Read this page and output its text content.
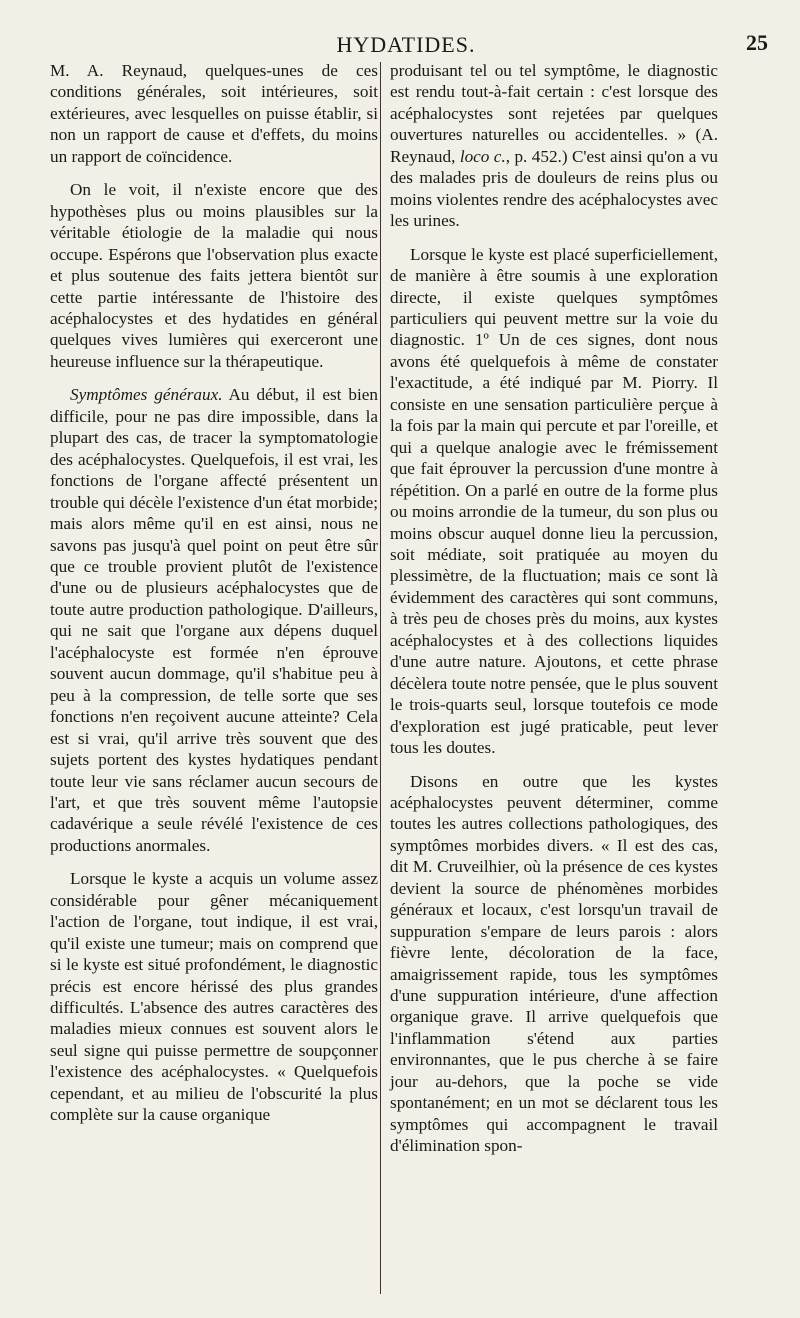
HYDATIDES.	25

M. A. Reynaud, quelques-unes de ces conditions générales, soit intérieures, soit extérieures, avec lesquelles on puisse établir, si non un rapport de cause et d'effets, du moins un rapport de coïncidence.

On le voit, il n'existe encore que des hypothèses plus ou moins plausibles sur la véritable étiologie de la maladie qui nous occupe. Espérons que l'observation plus exacte et plus soutenue des faits jettera bientôt sur cette partie intéressante de l'histoire des acéphalocystes et des hydatides en général quelques vives lumières qui exerceront une heureuse influence sur la thérapeutique.

Symptômes généraux. Au début, il est bien difficile, pour ne pas dire impossible, dans la plupart des cas, de tracer la symptomatologie des acéphalocystes. Quelquefois, il est vrai, les fonctions de l'organe affecté présentent un trouble qui décèle l'existence d'un état morbide; mais alors même qu'il en est ainsi, nous ne savons pas jusqu'à quel point on peut être sûr que ce trouble provient plutôt de l'existence d'une ou de plusieurs acéphalocystes que de toute autre production pathologique. D'ailleurs, qui ne sait que l'organe aux dépens duquel l'acéphalocyste est formée n'en éprouve souvent aucun dommage, qu'il s'habitue peu à peu à la compression, de telle sorte que ses fonctions n'en reçoivent aucune atteinte? Cela est si vrai, qu'il arrive très souvent que des sujets portent des kystes hydatiques pendant toute leur vie sans réclamer aucun secours de l'art, et que très souvent même l'autopsie cadavérique a seule révélé l'existence de ces productions anormales.

Lorsque le kyste a acquis un volume assez considérable pour gêner mécaniquement l'action de l'organe, tout indique, il est vrai, qu'il existe une tumeur; mais on comprend que si le kyste est situé profondément, le diagnostic précis est encore hérissé des plus grandes difficultés. L'absence des autres caractères des maladies mieux connues est souvent alors le seul signe qui puisse permettre de soupçonner l'existence des acéphalocystes. « Quelquefois cependant, et au milieu de l'obscurité la plus complète sur la cause organique

produisant tel ou tel symptôme, le diagnostic est rendu tout-à-fait certain : c'est lorsque des acéphalocystes sont rejetées par quelques ouvertures naturelles ou accidentelles. » (A. Reynaud, loco c., p. 452.) C'est ainsi qu'on a vu des malades pris de douleurs de reins plus ou moins violentes rendre des acéphalocystes avec les urines.

Lorsque le kyste est placé superficiellement, de manière à être soumis à une exploration directe, il existe quelques symptômes particuliers qui peuvent mettre sur la voie du diagnostic. 1º Un de ces signes, dont nous avons été quelquefois à même de constater l'exactitude, a été indiqué par M. Piorry. Il consiste en une sensation particulière perçue à la fois par la main qui percute et par l'oreille, et qui a quelque analogie avec le frémissement que fait éprouver la percussion d'une montre à répétition. On a parlé en outre de la forme plus ou moins arrondie de la tumeur, du son plus ou moins obscur auquel donne lieu la percussion, soit médiate, soit pratiquée au moyen du plessimètre, de la fluctuation; mais ce sont là évidemment des caractères qui sont communs, à très peu de choses près du moins, aux kystes acéphalocystes et à des collections liquides d'une autre nature. Ajoutons, et cette phrase décèlera toute notre pensée, que le plus souvent le trois-quarts seul, lorsque toutefois ce mode d'exploration est jugé praticable, peut lever tous les doutes.

Disons en outre que les kystes acéphalocystes peuvent déterminer, comme toutes les autres collections pathologiques, des symptômes morbides divers. « Il est des cas, dit M. Cruveilhier, où la présence de ces kystes devient la source de phénomènes morbides généraux et locaux, c'est lorsqu'un travail de suppuration s'empare de leurs parois : alors fièvre lente, décoloration de la face, amaigrissement rapide, tous les symptômes d'une suppuration intérieure, d'une affection organique grave. Il arrive quelquefois que l'inflammation s'étend aux parties environnantes, que le pus cherche à se faire jour au-dehors, que la poche se vide spontanément; en un mot se déclarent tous les symptômes qui accompagnent le travail d'élimination spon-
